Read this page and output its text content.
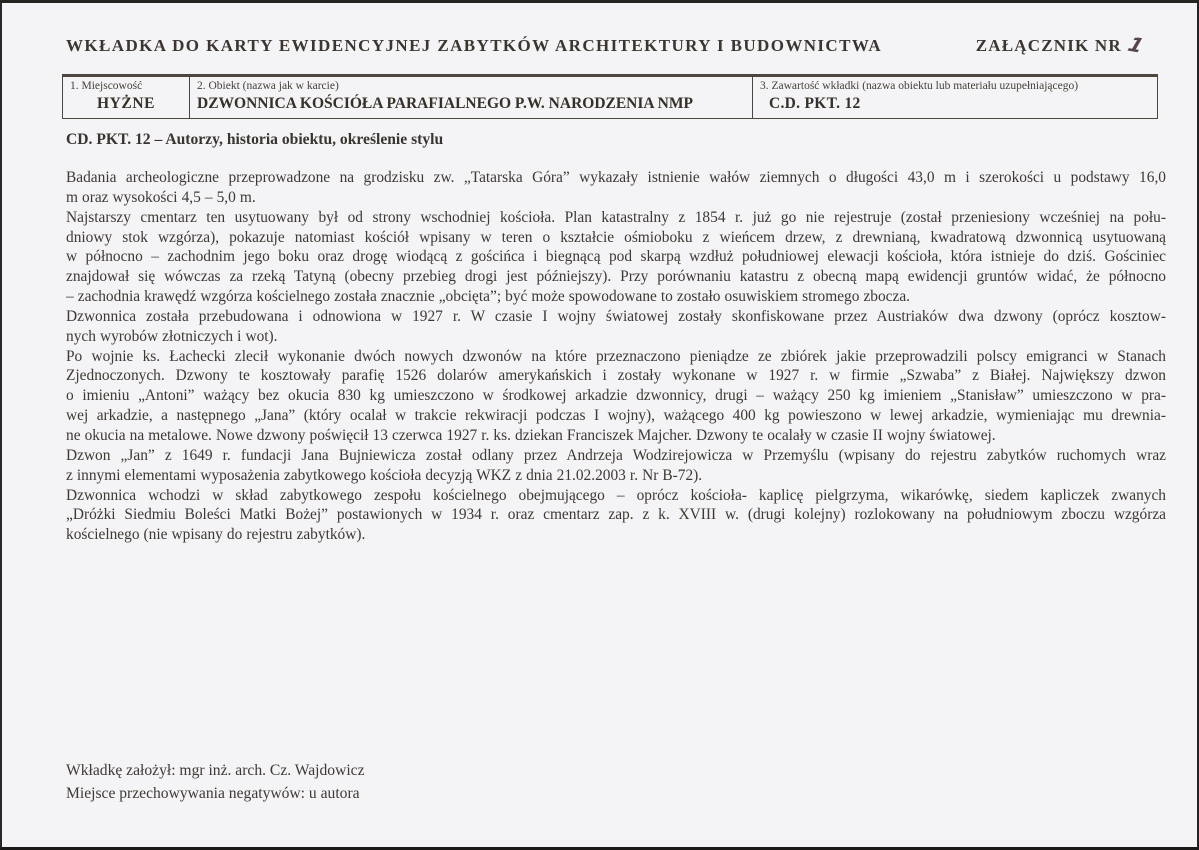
WKŁADKA DO KARTY EWIDENCYJNEJ ZABYTKÓW ARCHITEKTURY I BUDOWNICTWA	ZAŁĄCZNIK NR 1
1. Miejscowość
HYŻNE
2. Obiekt (nazwa jak w karcie)
DZWONNICA KOŚCIÓŁA PARAFIALNEGO P.W. NARODZENIA NMP
3. Zawartość wkładki (nazwa obiektu lub materiału uzupełniającego)
C.D. PKT. 12
CD. PKT. 12 – Autorzy, historia obiektu, określenie stylu
Badania archeologiczne przeprowadzone na grodzisku zw. „Tatarska Góra” wykazały istnienie wałów ziemnych o długości 43,0 m i szerokości u podstawy 16,0
m oraz wysokości 4,5 – 5,0 m.
Najstarszy cmentarz ten usytuowany był od strony wschodniej kościoła. Plan katastralny z 1854 r. już go nie rejestruje (został przeniesiony wcześniej na połu-
dniowy stok wzgórza), pokazuje natomiast kościół wpisany w teren o kształcie ośmioboku z wieńcem drzew, z drewnianą, kwadratową dzwonnicą usytuowaną
w północno – zachodnim jego boku oraz drogę wiodącą z gościńca i biegnącą pod skarpą wzdłuż południowej elewacji kościoła, która istnieje do dziś. Gościniec
znajdował się wówczas za rzeką Tatyną (obecny przebieg drogi jest późniejszy). Przy porównaniu katastru z obecną mapą ewidencji gruntów widać, że północno
– zachodnia krawędź wzgórza kościelnego została znacznie „obcięta”; być może spowodowane to zostało osuwiskiem stromego zbocza.
Dzwonnica została przebudowana i odnowiona w 1927 r. W czasie I wojny światowej zostały skonfiskowane przez Austriaków dwa dzwony (oprócz kosztow-
nych wyrobów złotniczych i wot).
Po wojnie ks. Łachecki zlecił wykonanie dwóch nowych dzwonów na które przeznaczono pieniądze ze zbiórek jakie przeprowadzili polscy emigranci w Stanach
Zjednoczonych. Dzwony te kosztowały parafię 1526 dolarów amerykańskich i zostały wykonane w 1927 r. w firmie „Szwaba” z Białej. Największy dzwon
o imieniu „Antoni” ważący bez okucia 830 kg umieszczono w środkowej arkadzie dzwonnicy, drugi – ważący 250 kg imieniem „Stanisław” umieszczono w pra-
wej arkadzie, a następnego „Jana” (który ocalał w trakcie rekwiracji podczas I wojny), ważącego 400 kg powieszono w lewej arkadzie, wymieniając mu drewnia-
ne okucia na metalowe. Nowe dzwony poświęcił 13 czerwca 1927 r. ks. dziekan Franciszek Majcher. Dzwony te ocalały w czasie II wojny światowej.
Dzwon „Jan” z 1649 r. fundacji Jana Bujniewicza został odlany przez Andrzeja Wodzirejowicza w Przemyślu (wpisany do rejestru zabytków ruchomych wraz
z innymi elementami wyposażenia zabytkowego kościoła decyzją WKZ z dnia 21.02.2003 r. Nr B-72).
Dzwonnica wchodzi w skład zabytkowego zespołu kościelnego obejmującego – oprócz kościoła- kaplicę pielgrzyma, wikarówkę, siedem kapliczek zwanych
„Dróżki Siedmiu Boleści Matki Bożej” postawionych w 1934 r. oraz cmentarz zap. z k. XVIII w. (drugi kolejny) rozlokowany na południowym zboczu wzgórza
kościelnego (nie wpisany do rejestru zabytków).
Wkładkę założył: mgr inż. arch. Cz. Wajdowicz
Miejsce przechowywania negatywów: u autora
